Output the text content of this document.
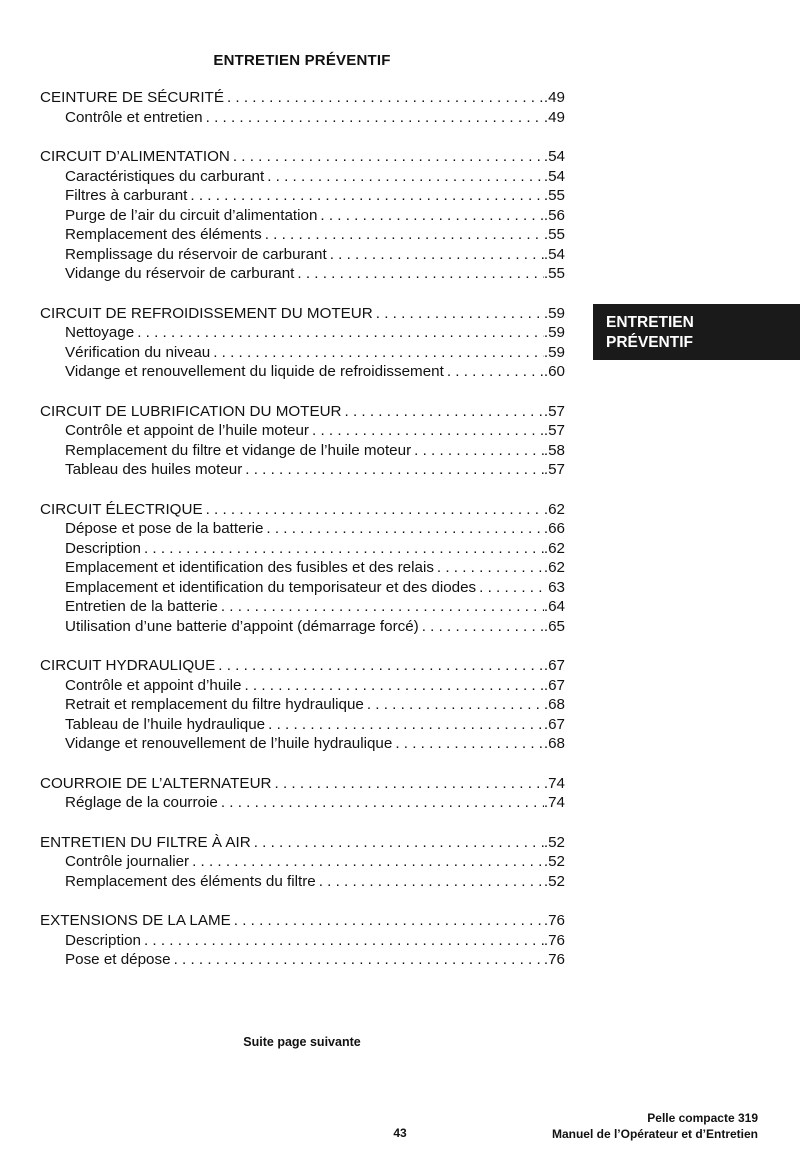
ENTRETIEN PRÉVENTIF
CEINTURE DE SÉCURITÉ . . .	.49
Contrôle et entretien . . .	.49
CIRCUIT D’ALIMENTATION . . .	.54
Caractéristiques du carburant . . .	.54
Filtres à carburant . . .	.55
Purge de l’air du circuit d’alimentation . . .	.56
Remplacement des éléments . . .	.55
Remplissage du réservoir de carburant . . .	.54
Vidange du réservoir de carburant . . .	.55
CIRCUIT DE REFROIDISSEMENT DU MOTEUR . . .	.59
Nettoyage . . .	.59
Vérification du niveau . . .	.59
Vidange et renouvellement du liquide de refroidissement . . .	.60
CIRCUIT DE LUBRIFICATION DU MOTEUR . . .	.57
Contrôle et appoint de l’huile moteur . . .	.57
Remplacement du filtre et vidange de l’huile moteur . . .	.58
Tableau des huiles moteur . . .	.57
CIRCUIT ÉLECTRIQUE . . .	.62
Dépose et pose de la batterie . . .	.66
Description . . .	.62
Emplacement et identification des fusibles et des relais . . .	.62
Emplacement et identification du temporisateur et des diodes . . .	63
Entretien de la batterie . . .	.64
Utilisation d’une batterie d’appoint (démarrage forcé) . . .	.65
CIRCUIT HYDRAULIQUE . . .	.67
Contrôle et appoint d’huile . . .	.67
Retrait et remplacement du filtre hydraulique . . .	.68
Tableau de l’huile hydraulique . . .	.67
Vidange et renouvellement de l’huile hydraulique . . .	.68
COURROIE DE L’ALTERNATEUR . . .	.74
Réglage de la courroie . . .	.74
ENTRETIEN DU FILTRE À AIR . . .	.52
Contrôle journalier . . .	.52
Remplacement des éléments du filtre . . .	.52
EXTENSIONS DE LA LAME . . .	.76
Description . . .	.76
Pose et dépose . . .	.76
ENTRETIEN
PRÉVENTIF
Suite page suivante
43
Pelle compacte 319
Manuel de l’Opérateur et d’Entretien
